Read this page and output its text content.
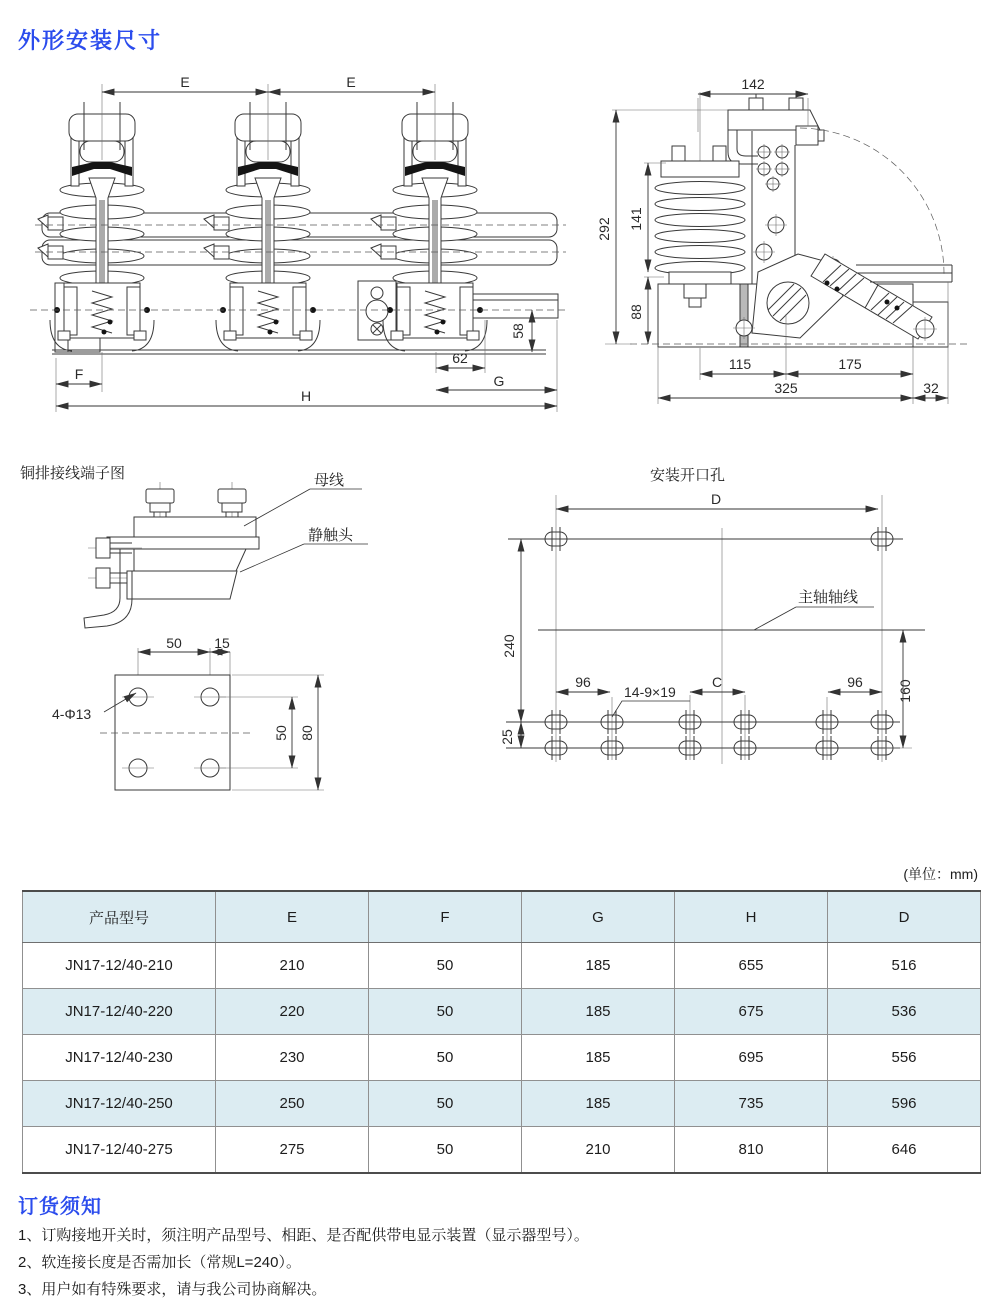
外形安装尺寸
E	E
F
62
G
H
58
142
292 141
88
115	175
325	32
铜排接线端子图	母线
静触头
50 15
50 80
4-Φ13
安装开口孔
D
240
25
96	C	96 160
14-9×19
主轴轴线
(单位：mm)
产品型号	E	F	G	H	D
JN17-12/40-210	210	50	185	655	516
JN17-12/40-220	220	50	185	675	536
JN17-12/40-230	230	50	185	695	556
JN17-12/40-250	250	50	185	735	596
JN17-12/40-275	275	50	210	810	646
订货须知
1、订购接地开关时，须注明产品型号、相距、是否配供带电显示装置（显示器型号）。
2、软连接长度是否需加长（常规L=240）。
3、用户如有特殊要求，请与我公司协商解决。
